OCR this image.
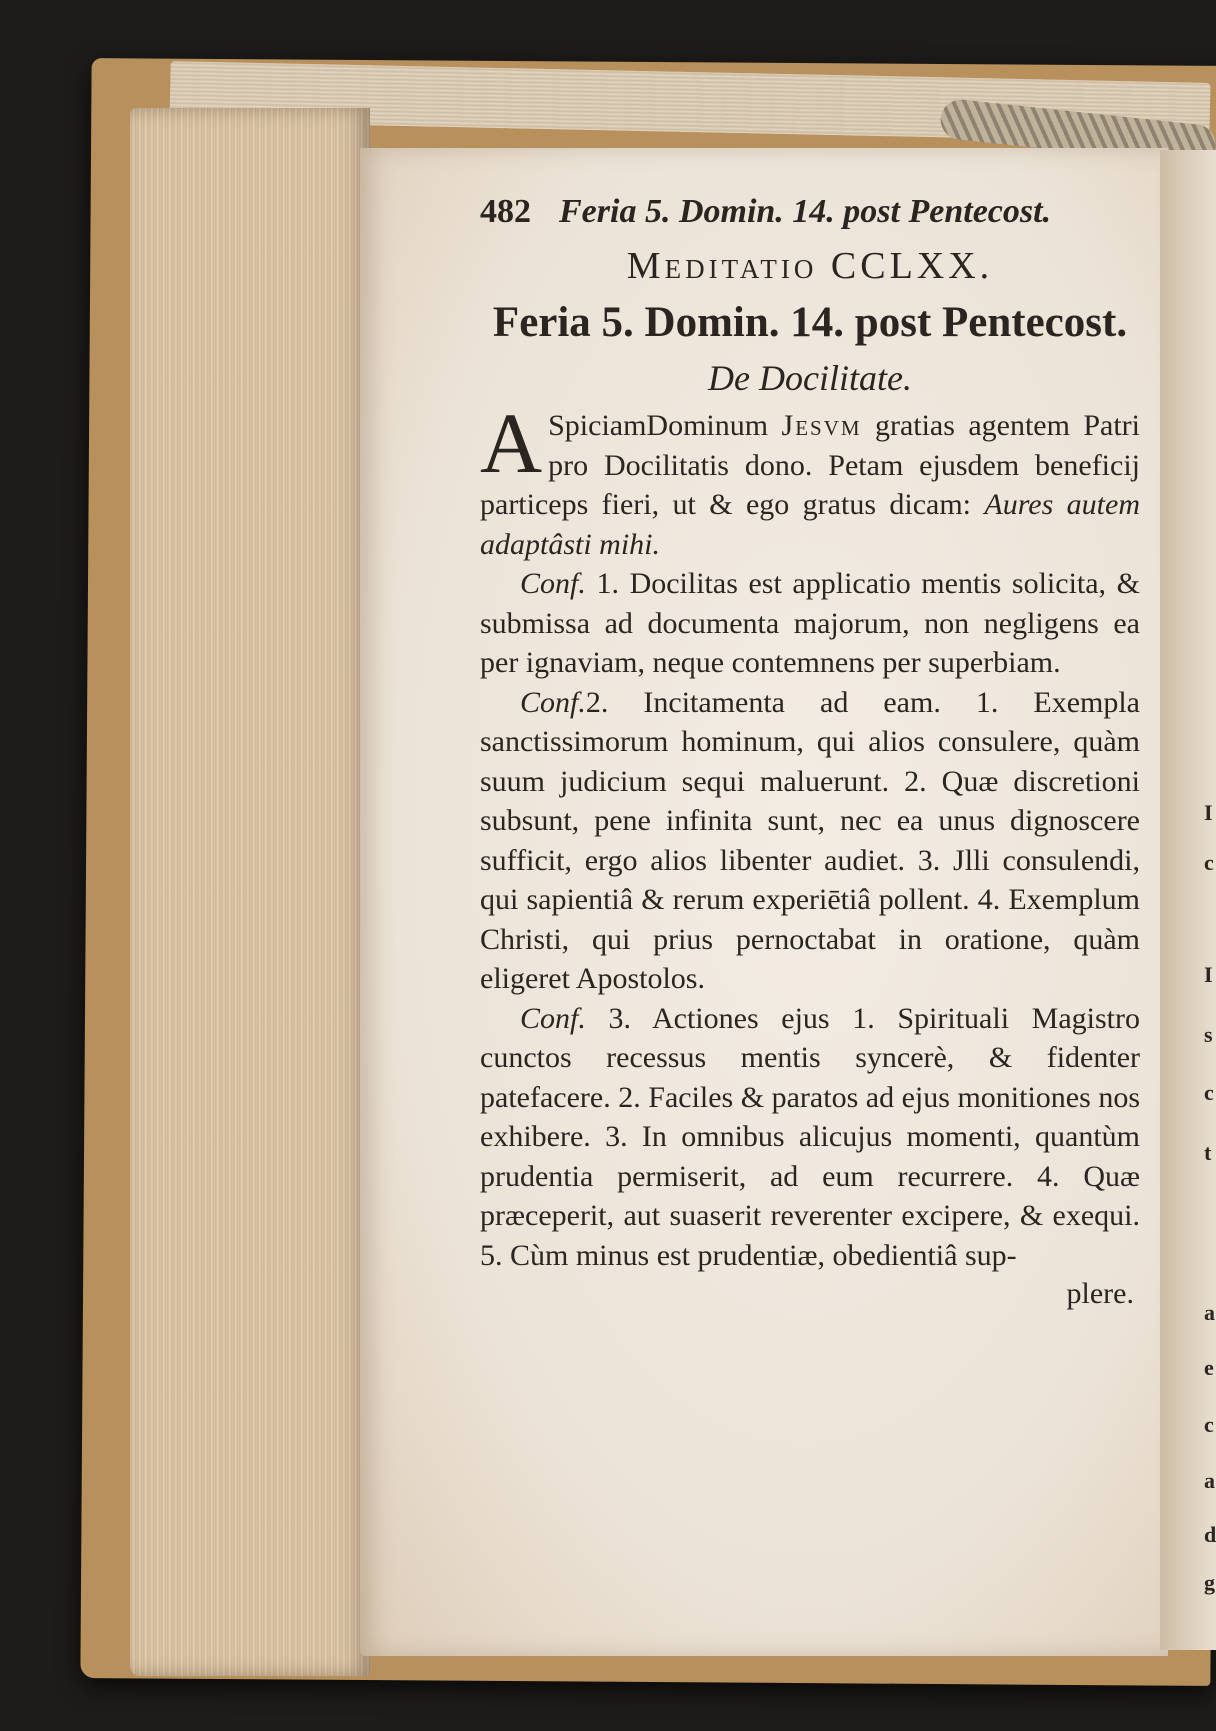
I
c
I
s
c
t
a
e
c
a
d
g
482 Feria 5. Domin. 14. post Pentecost.
Meditatio CCLXX.
Feria 5. Domin. 14. post Pentecost.
De Docilitate.

A SpiciamDominum Jesvm gratias agentem Patri pro Docilitatis dono. Petam ejusdem beneficij particeps fieri, ut & ego gratus dicam: Aures autem adaptâsti mihi.

Conf. 1. Docilitas est applicatio mentis solicita, & submissa ad documenta majorum, non negligens ea per ignaviam, neque contemnens per superbiam.

Conf.2. Incitamenta ad eam. 1. Exempla sanctissimorum hominum, qui alios consulere, quàm suum judicium sequi maluerunt. 2. Quæ discretioni subsunt, pene infinita sunt, nec ea unus dignoscere sufficit, ergo alios libenter audiet. 3. Jlli consulendi, qui sapientiâ & rerum experiētiâ pollent. 4. Exemplum Christi, qui prius pernoctabat in oratione, quàm eligeret Apostolos.

Conf. 3. Actiones ejus 1. Spirituali Magistro cunctos recessus mentis syncerè, & fidenter patefacere. 2. Faciles & paratos ad ejus monitiones nos exhibere. 3. In omnibus alicujus momenti, quantùm prudentia permiserit, ad eum recurrere. 4. Quæ præceperit, aut suaserit reverenter excipere, & exequi. 5. Cùm minus est prudentiæ, obedientiâ sup-

plere.
